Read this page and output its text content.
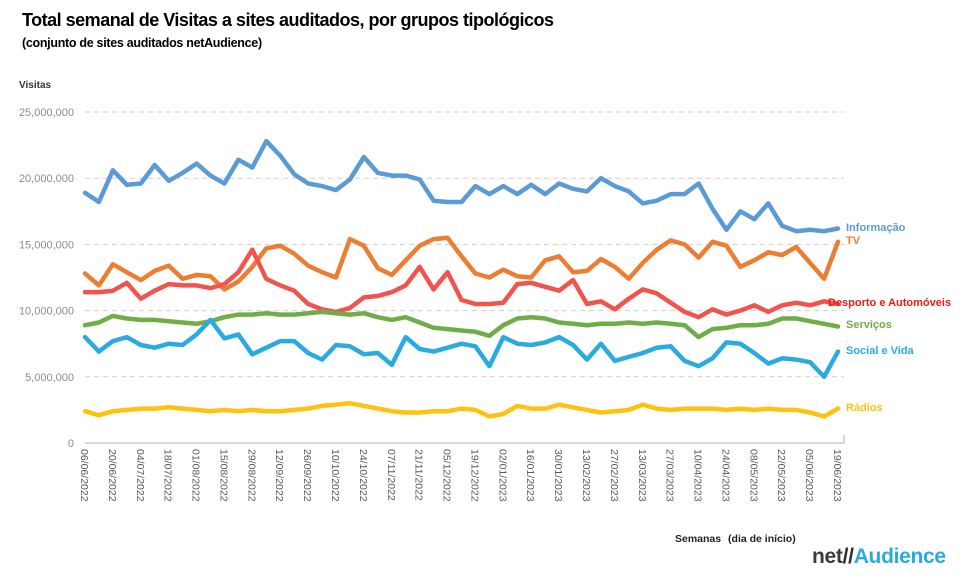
Total semanal de Visitas a sites auditados, por grupos tipológicos
(conjunto de sites auditados netAudience)
Visitas
0
5,000,000
10,000,000
15,000,000
20,000,000
25,000,000
06/06/2022 20/06/2022 04/07/2022 18/07/2022 01/08/2022 15/08/2022 29/08/2022 12/09/2022 26/09/2022 10/10/2022 24/10/2022 07/11/2022 21/11/2022 05/12/2022 19/12/2022 02/01/2023 16/01/2023 30/01/2023 13/02/2023 27/02/2023 13/03/2023 27/03/2023 10/04/2023 24/04/2023 08/05/2023 22/05/2023 05/06/2023 19/06/2023
Informação
TV
Desporto e Automóveis
Serviços
Social e Vida
Rádios
Semanas (dia de início)
net//Audience
